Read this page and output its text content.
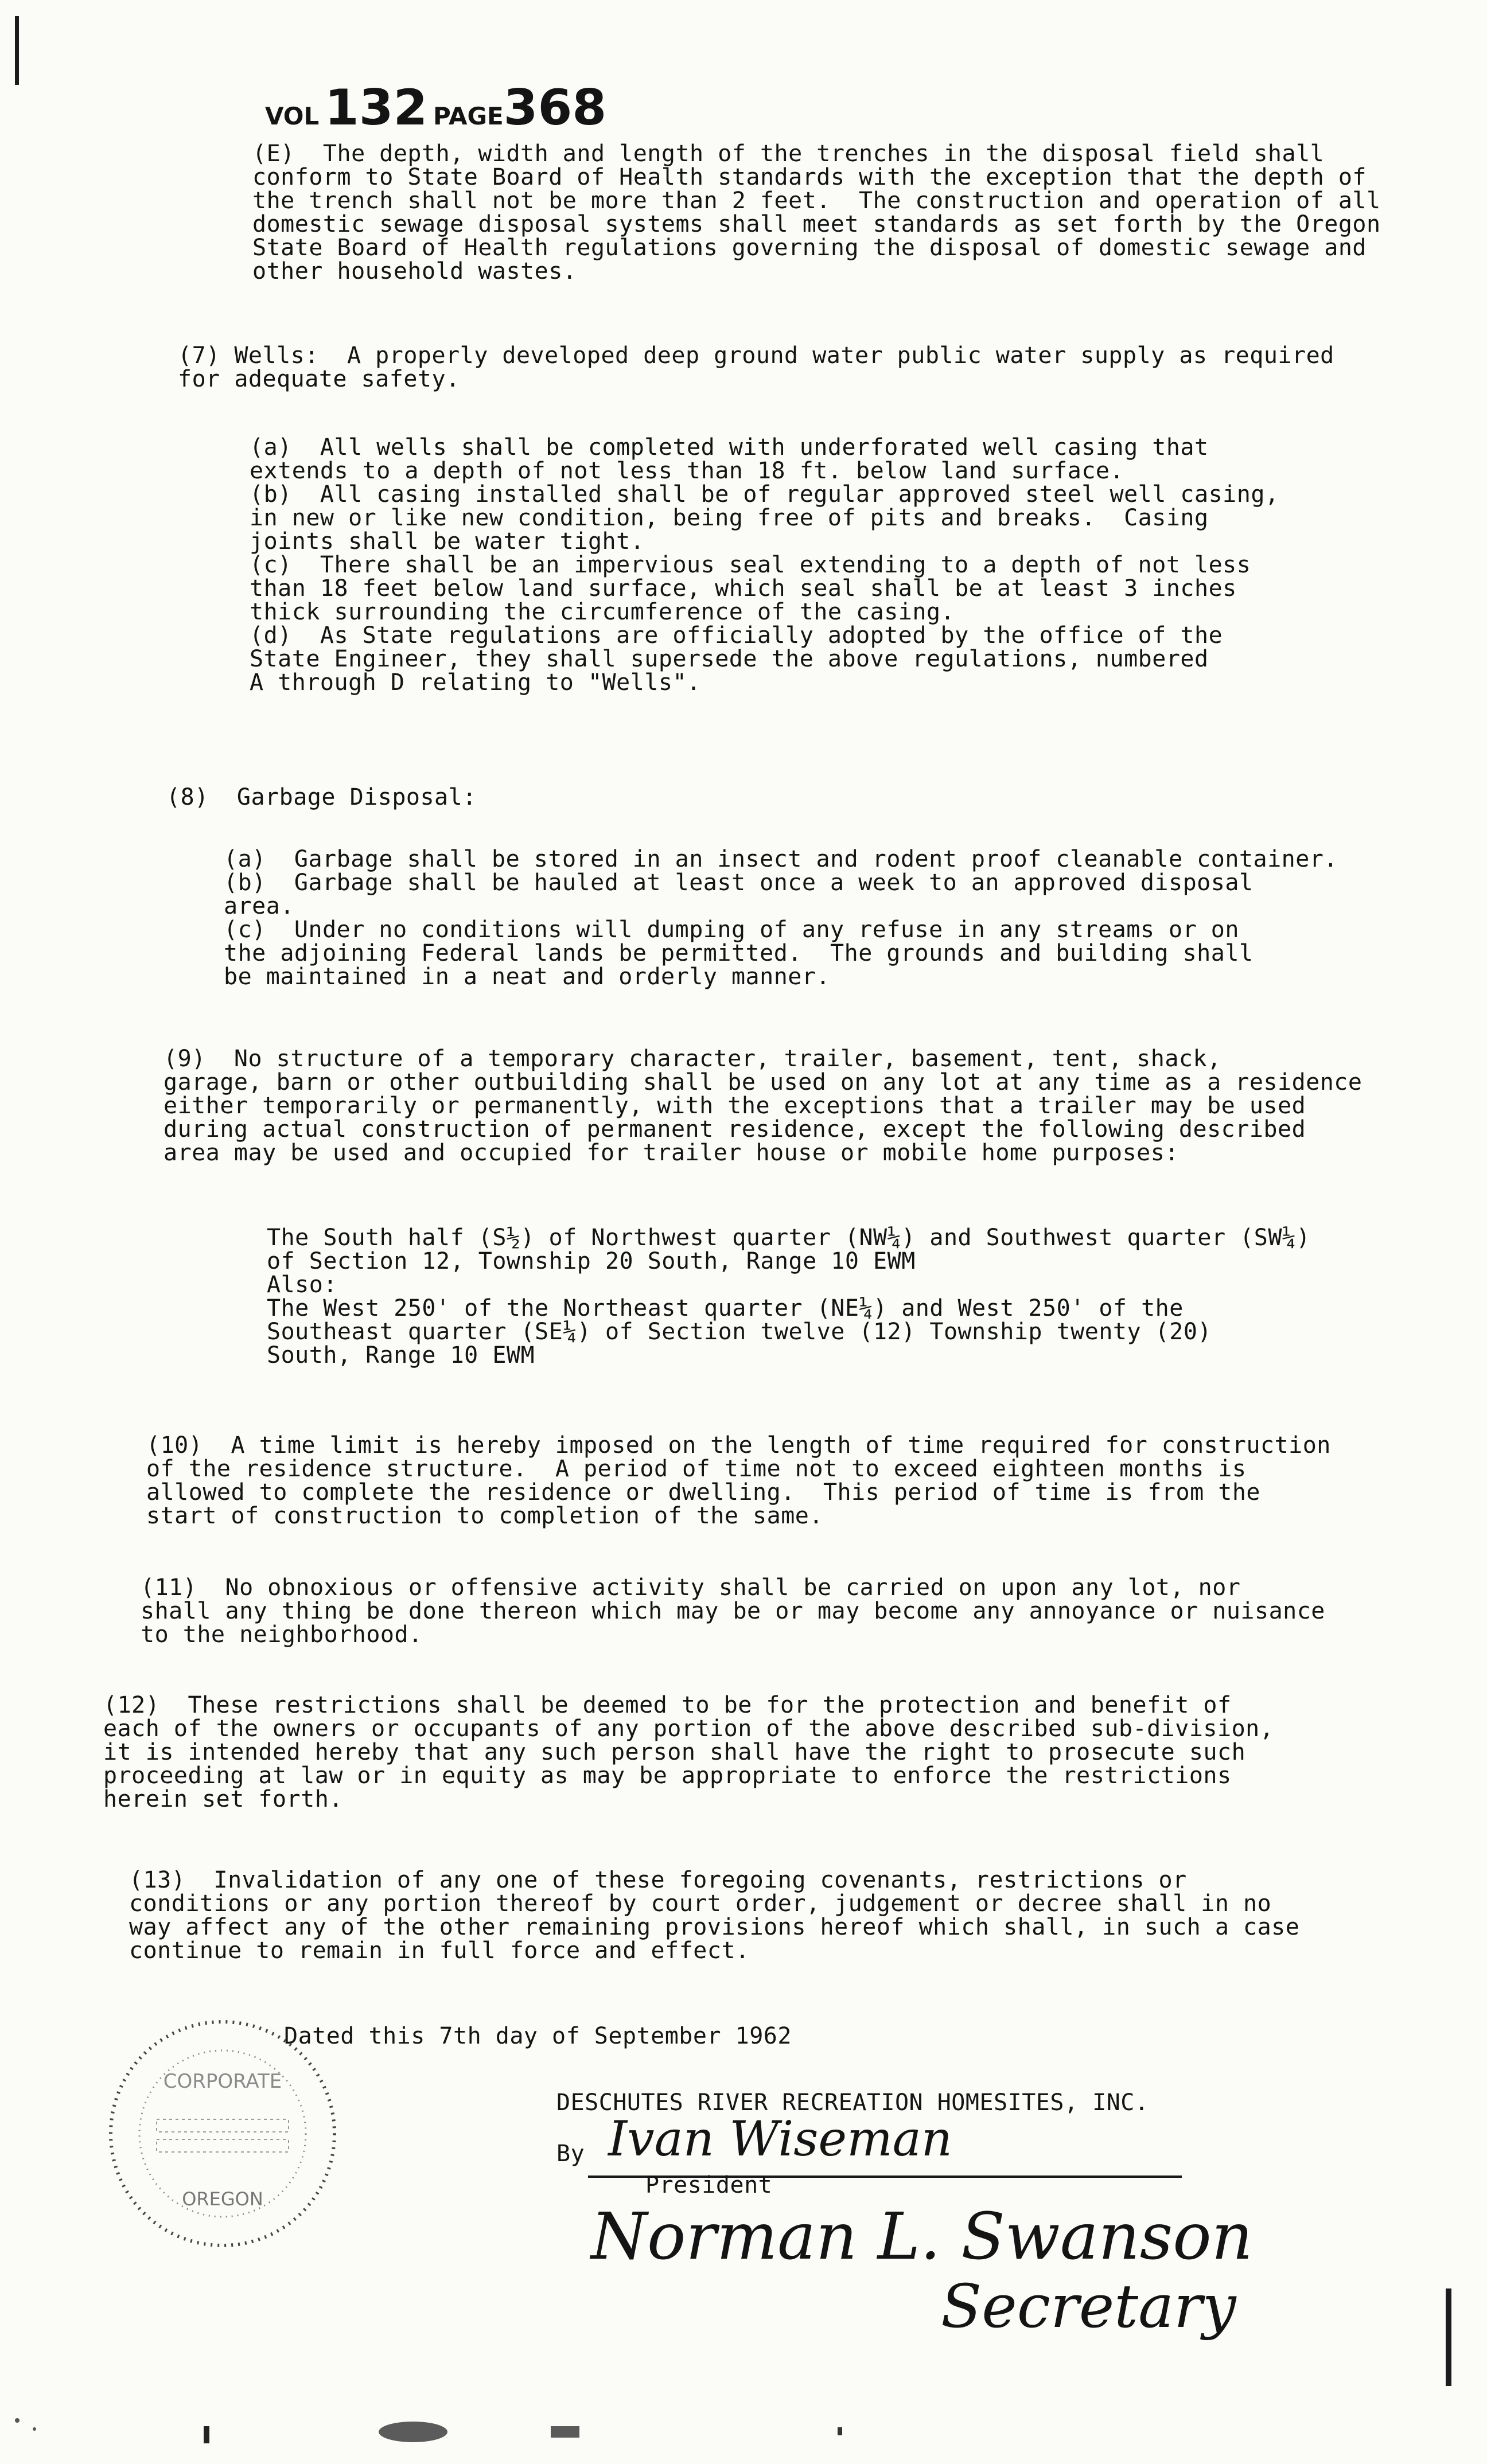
VOL 132 PAGE368
(E)  The depth, width and length of the trenches in the disposal field shall
conform to State Board of Health standards with the exception that the depth of
the trench shall not be more than 2 feet.  The construction and operation of all
domestic sewage disposal systems shall meet standards as set forth by the Oregon
State Board of Health regulations governing the disposal of domestic sewage and
other household wastes.
(7) Wells:  A properly developed deep ground water public water supply as required
for adequate safety.
(a)  All wells shall be completed with underforated well casing that
extends to a depth of not less than 18 ft. below land surface.
(b)  All casing installed shall be of regular approved steel well casing,
in new or like new condition, being free of pits and breaks.  Casing
joints shall be water tight.
(c)  There shall be an impervious seal extending to a depth of not less
than 18 feet below land surface, which seal shall be at least 3 inches
thick surrounding the circumference of the casing.
(d)  As State regulations are officially adopted by the office of the
State Engineer, they shall supersede the above regulations, numbered
A through D relating to "Wells".
(8)  Garbage Disposal:
(a)  Garbage shall be stored in an insect and rodent proof cleanable container.
(b)  Garbage shall be hauled at least once a week to an approved disposal
area.
(c)  Under no conditions will dumping of any refuse in any streams or on
the adjoining Federal lands be permitted.  The grounds and building shall
be maintained in a neat and orderly manner.
(9)  No structure of a temporary character, trailer, basement, tent, shack,
garage, barn or other outbuilding shall be used on any lot at any time as a residence
either temporarily or permanently, with the exceptions that a trailer may be used
during actual construction of permanent residence, except the following described
area may be used and occupied for trailer house or mobile home purposes:
The South half (S½) of Northwest quarter (NW¼) and Southwest quarter (SW¼)
of Section 12, Township 20 South, Range 10 EWM
Also:
The West 250' of the Northeast quarter (NE¼) and West 250' of the
Southeast quarter (SE¼) of Section twelve (12) Township twenty (20)
South, Range 10 EWM
(10)  A time limit is hereby imposed on the length of time required for construction
of the residence structure.  A period of time not to exceed eighteen months is
allowed to complete the residence or dwelling.  This period of time is from the
start of construction to completion of the same.
(11)  No obnoxious or offensive activity shall be carried on upon any lot, nor
shall any thing be done thereon which may be or may become any annoyance or nuisance
to the neighborhood.
(12)  These restrictions shall be deemed to be for the protection and benefit of
each of the owners or occupants of any portion of the above described sub-division,
it is intended hereby that any such person shall have the right to prosecute such
proceeding at law or in equity as may be appropriate to enforce the restrictions
herein set forth.
(13)  Invalidation of any one of these foregoing covenants, restrictions or
conditions or any portion thereof by court order, judgement or decree shall in no
way affect any of the other remaining provisions hereof which shall, in such a case
continue to remain in full force and effect.
Dated this 7th day of September 1962
DESCHUTES RIVER RECREATION HOMESITES, INC.
By Ivan Wiseman
President
Norman L. Swanson
Secretary
CORPORATE
OREGON
